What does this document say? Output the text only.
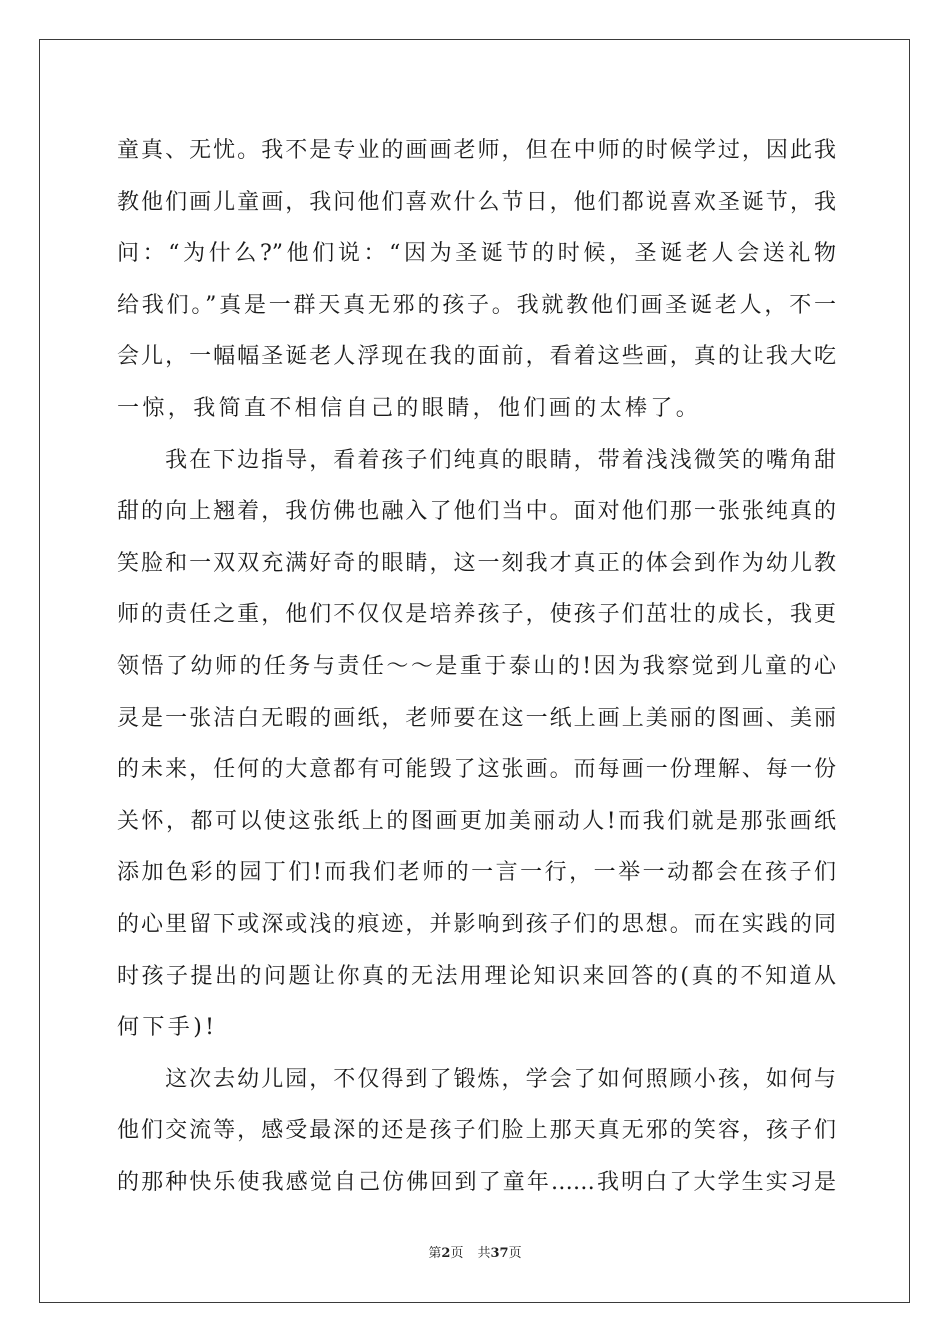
童真、无忧。我不是专业的画画老师，但在中师的时候学过，因此我
教他们画儿童画，我问他们喜欢什么节日，他们都说喜欢圣诞节，我
问：“为什么?”他们说：“因为圣诞节的时候，圣诞老人会送礼物
给我们。”真是一群天真无邪的孩子。我就教他们画圣诞老人，不一
会儿，一幅幅圣诞老人浮现在我的面前，看着这些画，真的让我大吃
一惊，我简直不相信自己的眼睛，他们画的太棒了。
　　我在下边指导，看着孩子们纯真的眼睛，带着浅浅微笑的嘴角甜
甜的向上翘着，我仿佛也融入了他们当中。面对他们那一张张纯真的
笑脸和一双双充满好奇的眼睛，这一刻我才真正的体会到作为幼儿教
师的责任之重，他们不仅仅是培养孩子，使孩子们茁壮的成长，我更
领悟了幼师的任务与责任～～是重于泰山的!因为我察觉到儿童的心
灵是一张洁白无暇的画纸，老师要在这一纸上画上美丽的图画、美丽
的未来，任何的大意都有可能毁了这张画。而每画一份理解、每一份
关怀，都可以使这张纸上的图画更加美丽动人!而我们就是那张画纸
添加色彩的园丁们!而我们老师的一言一行，一举一动都会在孩子们
的心里留下或深或浅的痕迹，并影响到孩子们的思想。而在实践的同
时孩子提出的问题让你真的无法用理论知识来回答的(真的不知道从
何下手)!
　　这次去幼儿园，不仅得到了锻炼，学会了如何照顾小孩，如何与
他们交流等，感受最深的还是孩子们脸上那天真无邪的笑容，孩子们
的那种快乐使我感觉自己仿佛回到了童年……我明白了大学生实习是
第2页 共37页
